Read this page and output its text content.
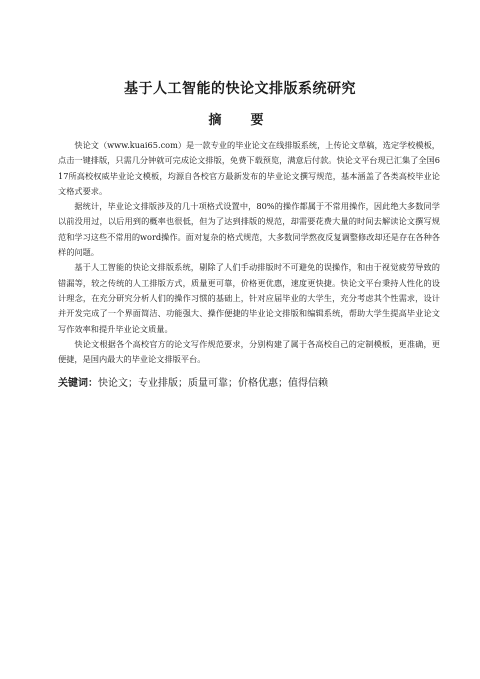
基于人工智能的快论文排版系统研究
摘　要

快论文（www.kuai65.com）是一款专业的毕业论文在线排版系统，上传论文草稿，选定学校模板，点击一键排版，只需几分钟就可完成论文排版，免费下载预览，满意后付款。快论文平台现已汇集了全国617所高校权威毕业论文模板，均源自各校官方最新发布的毕业论文撰写规范，基本涵盖了各类高校毕业论文格式要求。

据统计，毕业论文排版涉及的几十项格式设置中，80%的操作都属于不常用操作，因此绝大多数同学以前没用过，以后用到的概率也很低，但为了达到排版的规范，却需要花费大量的时间去解读论文撰写规范和学习这些不常用的word操作。面对复杂的格式规范，大多数同学熬夜反复调整修改却还是存在各种各样的问题。

基于人工智能的快论文排版系统，剔除了人们手动排版时不可避免的误操作，和由于视觉疲劳导致的错漏等，较之传统的人工排版方式，质量更可靠，价格更优惠，速度更快捷。快论文平台秉持人性化的设计理念，在充分研究分析人们的操作习惯的基础上，针对应届毕业的大学生，充分考虑其个性需求，设计并开发完成了一个界面简洁、功能强大、操作便捷的毕业论文排版和编辑系统，帮助大学生提高毕业论文写作效率和提升毕业论文质量。

快论文根据各个高校官方的论文写作规范要求，分别构建了属于各高校自己的定制模板，更准确，更便捷，是国内最大的毕业论文排版平台。

关键词：快论文；专业排版；质量可靠；价格优惠；值得信赖
